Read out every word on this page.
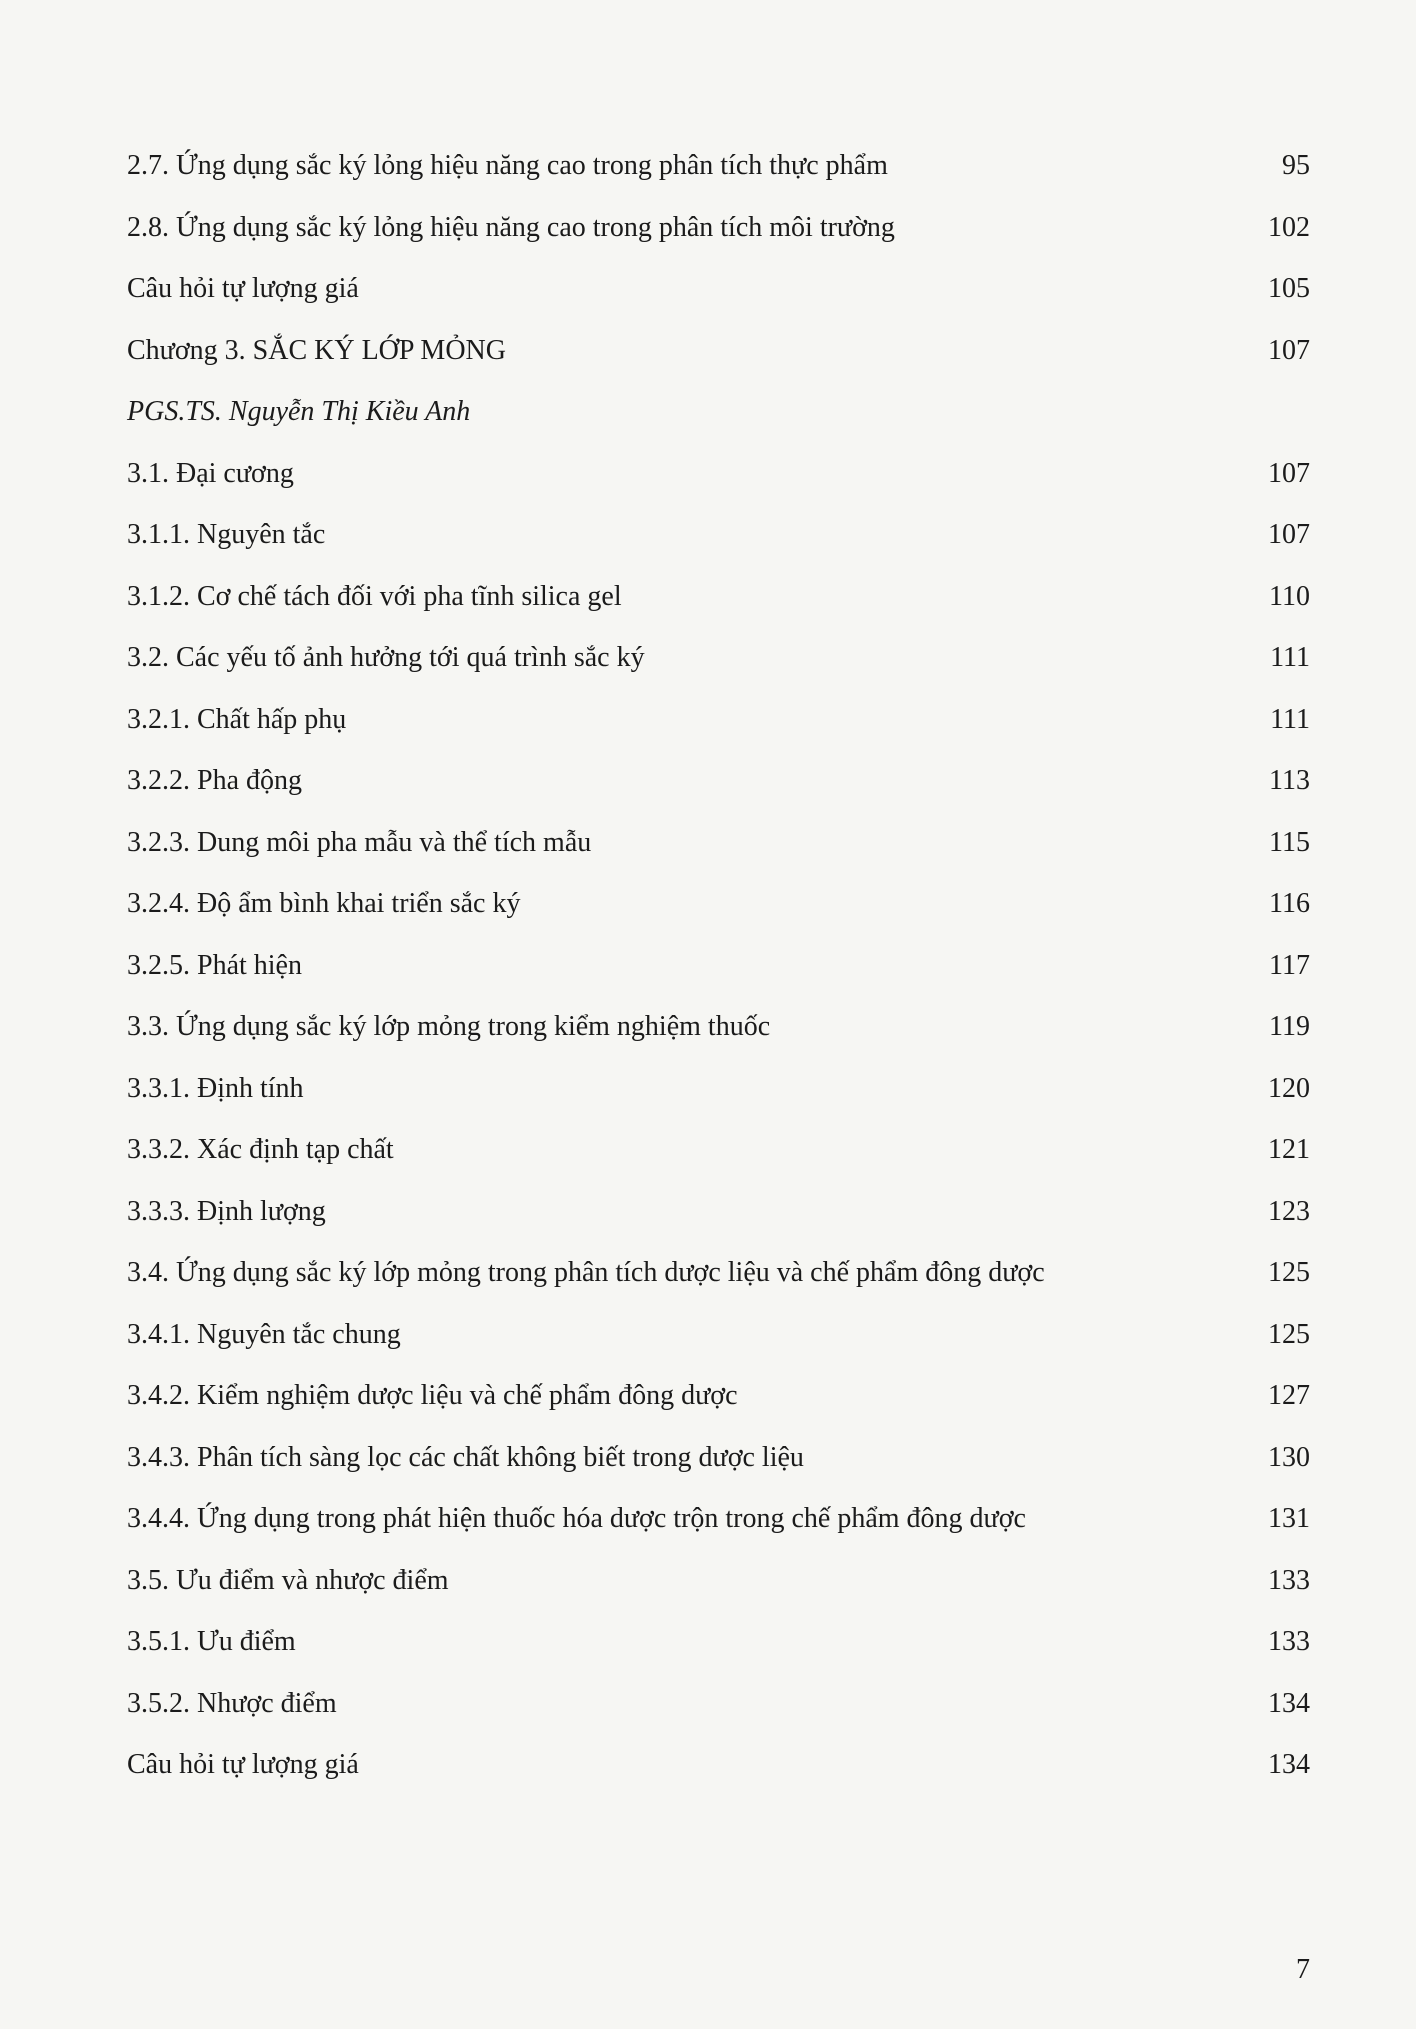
2.7. Ứng dụng sắc ký lỏng hiệu năng cao trong phân tích thực phẩm	95
2.8. Ứng dụng sắc ký lỏng hiệu năng cao trong phân tích môi trường	102
Câu hỏi tự lượng giá	105
Chương 3. SẮC KÝ LỚP MỎNG	107
PGS.TS. Nguyễn Thị Kiều Anh
3.1. Đại cương	107
3.1.1. Nguyên tắc	107
3.1.2. Cơ chế tách đối với pha tĩnh silica gel	110
3.2. Các yếu tố ảnh hưởng tới quá trình sắc ký	111
3.2.1. Chất hấp phụ	111
3.2.2. Pha động	113
3.2.3. Dung môi pha mẫu và thể tích mẫu	115
3.2.4. Độ ẩm bình khai triển sắc ký	116
3.2.5. Phát hiện	117
3.3. Ứng dụng sắc ký lớp mỏng trong kiểm nghiệm thuốc	119
3.3.1. Định tính	120
3.3.2. Xác định tạp chất	121
3.3.3. Định lượng	123
3.4. Ứng dụng sắc ký lớp mỏng trong phân tích dược liệu và chế phẩm đông dược	125
3.4.1. Nguyên tắc chung	125
3.4.2. Kiểm nghiệm dược liệu và chế phẩm đông dược	127
3.4.3. Phân tích sàng lọc các chất không biết trong dược liệu	130
3.4.4. Ứng dụng trong phát hiện thuốc hóa dược trộn trong chế phẩm đông dược	131
3.5. Ưu điểm và nhược điểm	133
3.5.1. Ưu điểm	133
3.5.2. Nhược điểm	134
Câu hỏi tự lượng giá	134
7
